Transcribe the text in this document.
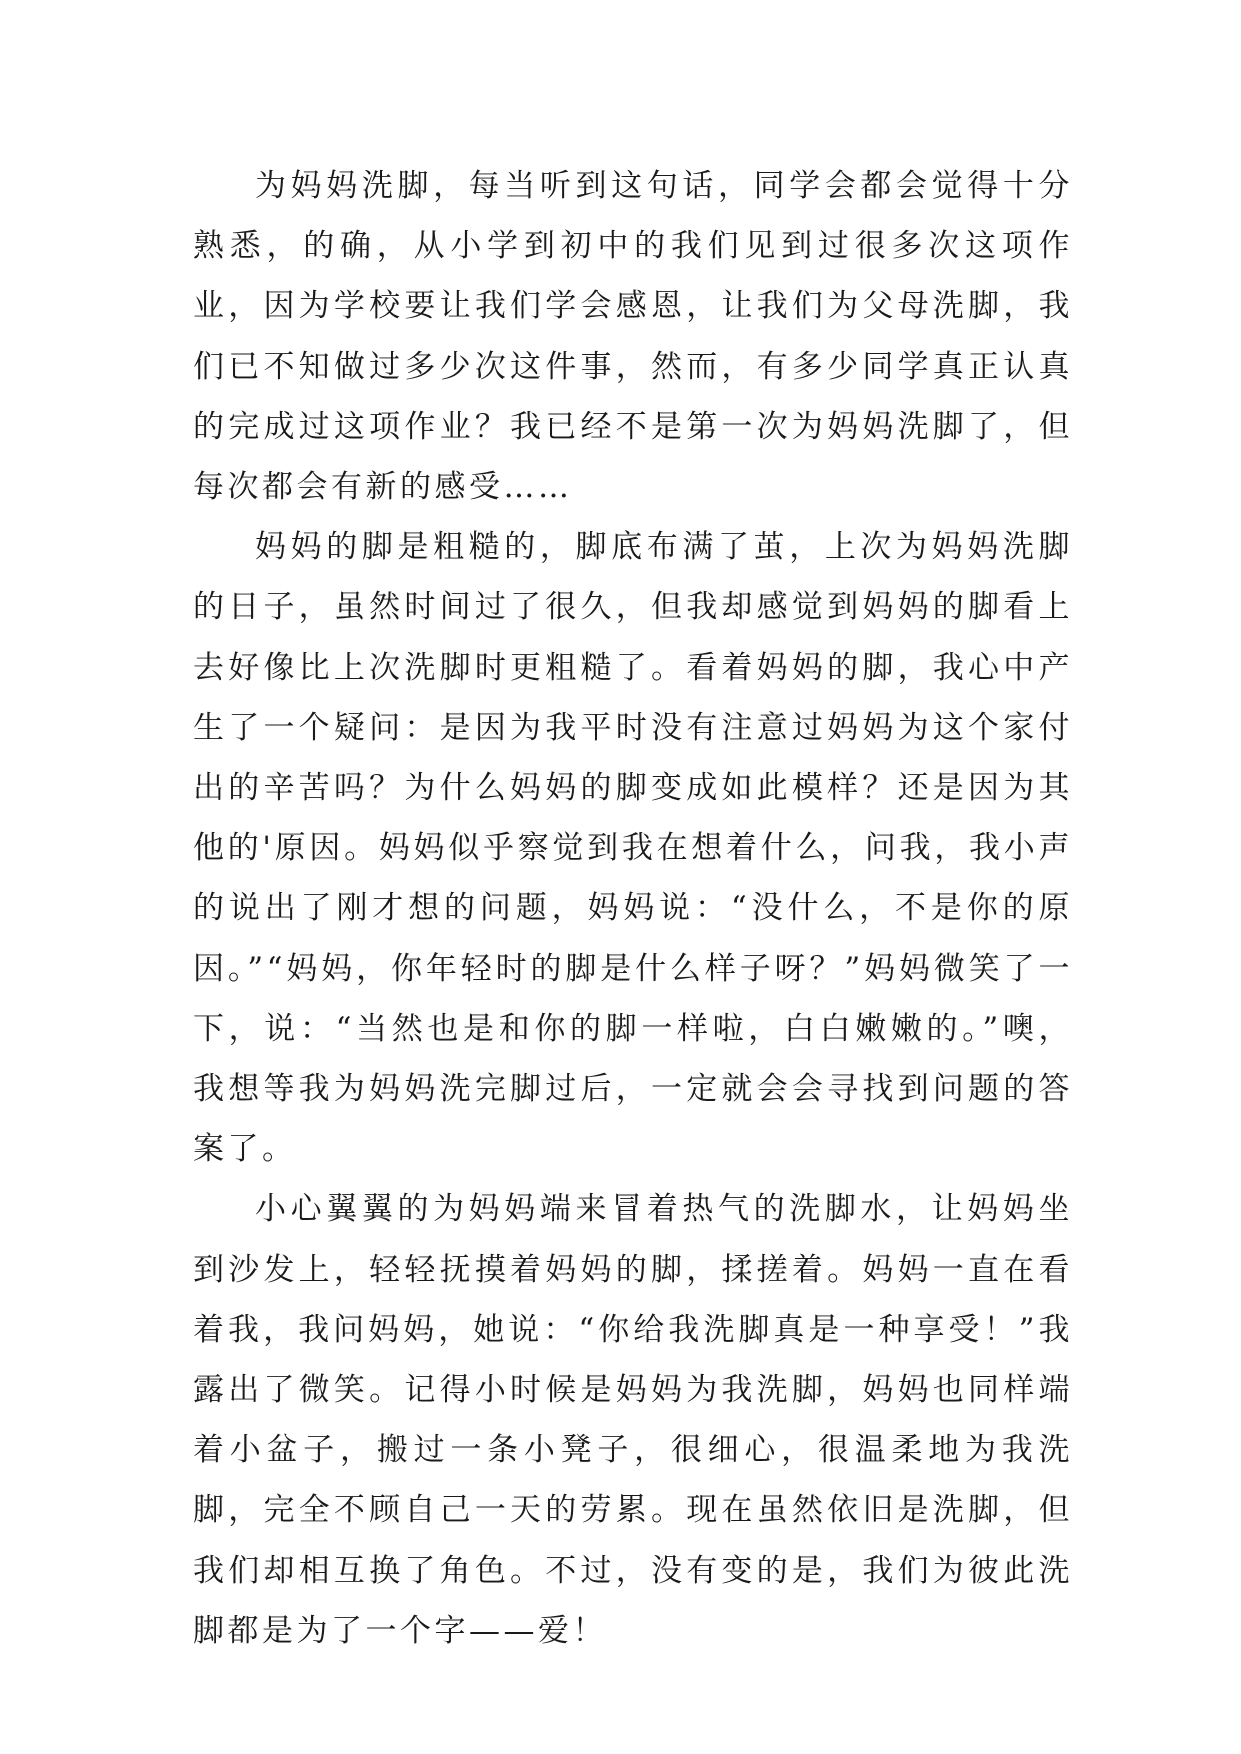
为妈妈洗脚，每当听到这句话，同学会都会觉得十分熟悉，的确，从小学到初中的我们见到过很多次这项作业，因为学校要让我们学会感恩，让我们为父母洗脚，我们已不知做过多少次这件事，然而，有多少同学真正认真的完成过这项作业？我已经不是第一次为妈妈洗脚了，但每次都会有新的感受……

妈妈的脚是粗糙的，脚底布满了茧，上次为妈妈洗脚的日子，虽然时间过了很久，但我却感觉到妈妈的脚看上去好像比上次洗脚时更粗糙了。看着妈妈的脚，我心中产生了一个疑问：是因为我平时没有注意过妈妈为这个家付出的辛苦吗？为什么妈妈的脚变成如此模样？还是因为其他的'原因。妈妈似乎察觉到我在想着什么，问我，我小声的说出了刚才想的问题，妈妈说：“没什么，不是你的原因。”“妈妈，你年轻时的脚是什么样子呀？”妈妈微笑了一下，说：“当然也是和你的脚一样啦，白白嫩嫩的。”噢，我想等我为妈妈洗完脚过后，一定就会会寻找到问题的答案了。

小心翼翼的为妈妈端来冒着热气的洗脚水，让妈妈坐到沙发上，轻轻抚摸着妈妈的脚，揉搓着。妈妈一直在看着我，我问妈妈，她说：“你给我洗脚真是一种享受！”我露出了微笑。记得小时候是妈妈为我洗脚，妈妈也同样端着小盆子，搬过一条小凳子，很细心，很温柔地为我洗脚，完全不顾自己一天的劳累。现在虽然依旧是洗脚，但我们却相互换了角色。不过，没有变的是，我们为彼此洗脚都是为了一个字——爱！
